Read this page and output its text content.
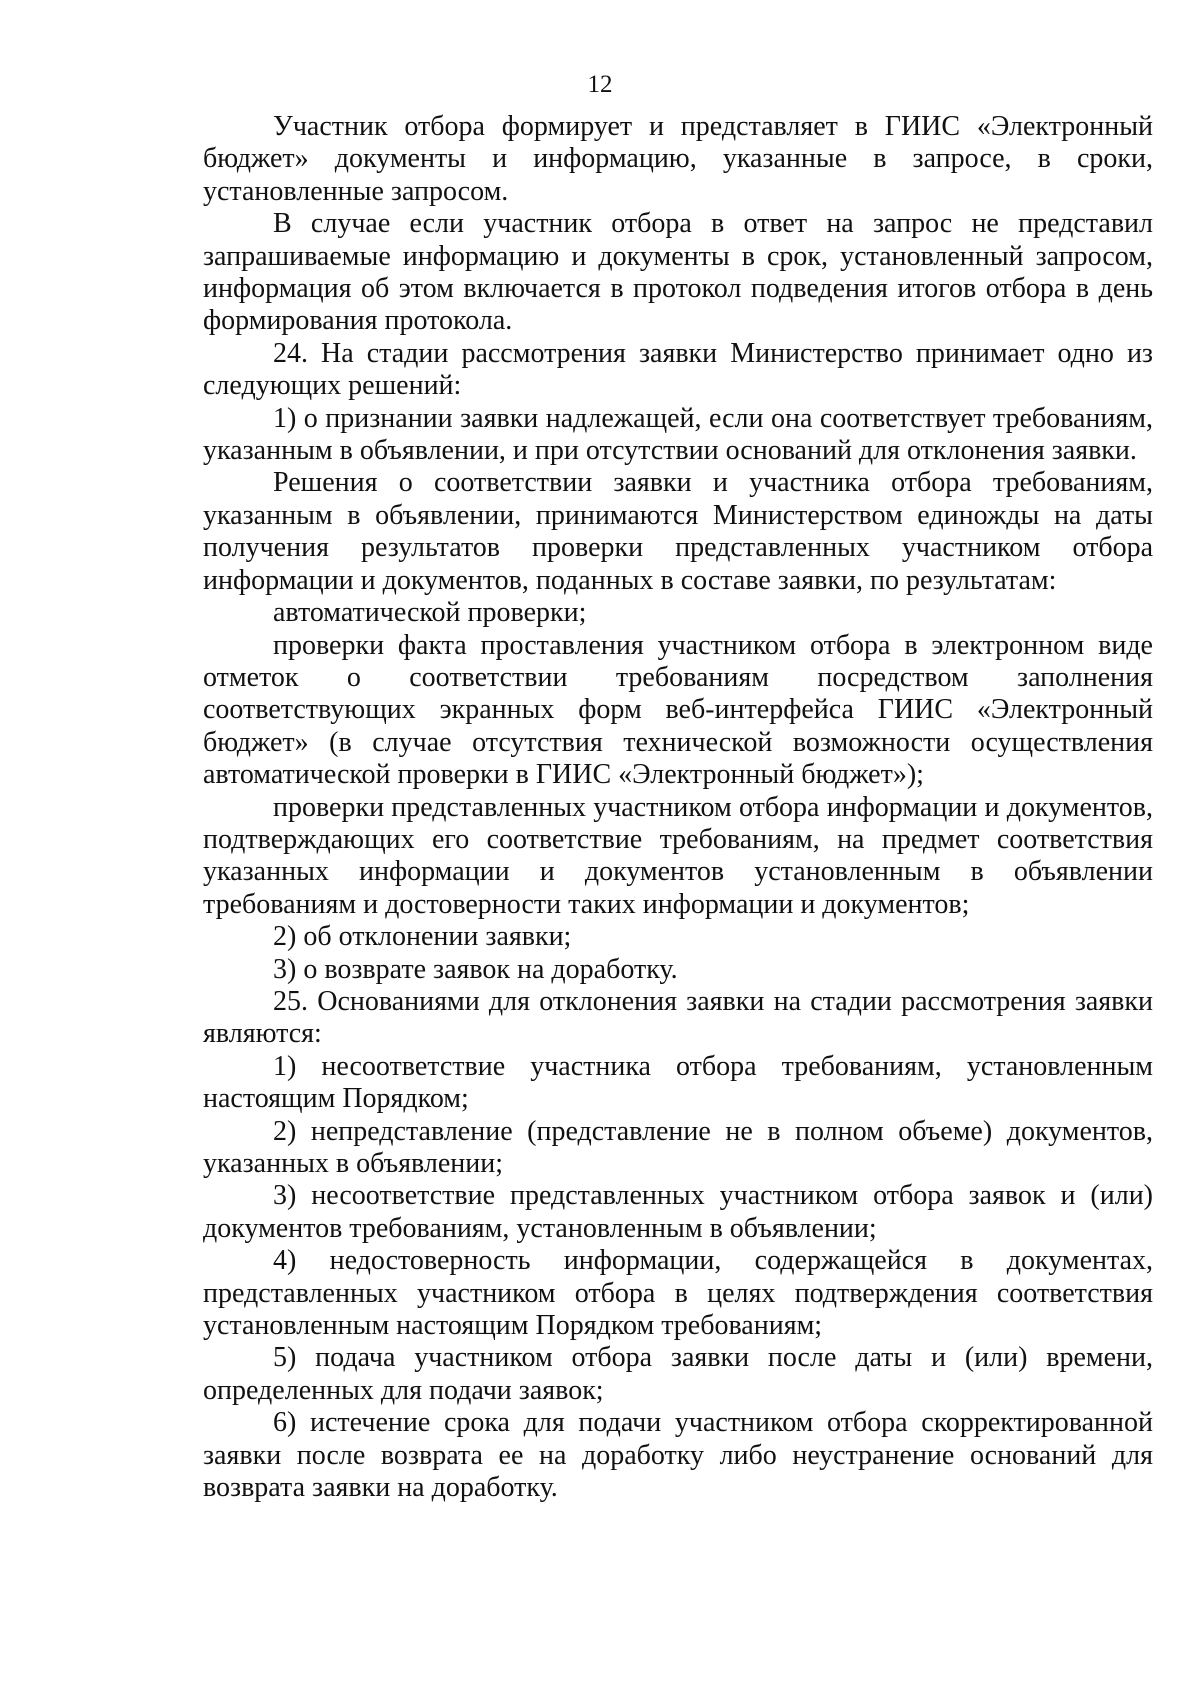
12

Участник отбора формирует и представляет в ГИИС «Электронный бюджет» документы и информацию, указанные в запросе, в сроки, установленные запросом.

В случае если участник отбора в ответ на запрос не представил запрашиваемые информацию и документы в срок, установленный запросом, информация об этом включается в протокол подведения итогов отбора в день формирования протокола.

24. На стадии рассмотрения заявки Министерство принимает одно из следующих решений:

1) о признании заявки надлежащей, если она соответствует требованиям, указанным в объявлении, и при отсутствии оснований для отклонения заявки.

Решения о соответствии заявки и участника отбора требованиям, указанным в объявлении, принимаются Министерством единожды на даты получения результатов проверки представленных участником отбора информации и документов, поданных в составе заявки, по результатам:

автоматической проверки;

проверки факта проставления участником отбора в электронном виде отметок о соответствии требованиям посредством заполнения соответствующих экранных форм веб-интерфейса ГИИС «Электронный бюджет» (в случае отсутствия технической возможности осуществления автоматической проверки в ГИИС «Электронный бюджет»);

проверки представленных участником отбора информации и документов, подтверждающих его соответствие требованиям, на предмет соответствия указанных информации и документов установленным в объявлении требованиям и достоверности таких информации и документов;

2) об отклонении заявки;

3) о возврате заявок на доработку.

25. Основаниями для отклонения заявки на стадии рассмотрения заявки являются:

1) несоответствие участника отбора требованиям, установленным настоящим Порядком;

2) непредставление (представление не в полном объеме) документов, указанных в объявлении;

3) несоответствие представленных участником отбора заявок и (или) документов требованиям, установленным в объявлении;

4) недостоверность информации, содержащейся в документах, представленных участником отбора в целях подтверждения соответствия установленным настоящим Порядком требованиям;

5) подача участником отбора заявки после даты и (или) времени, определенных для подачи заявок;

6) истечение срока для подачи участником отбора скорректированной заявки после возврата ее на доработку либо неустранение оснований для возврата заявки на доработку.
